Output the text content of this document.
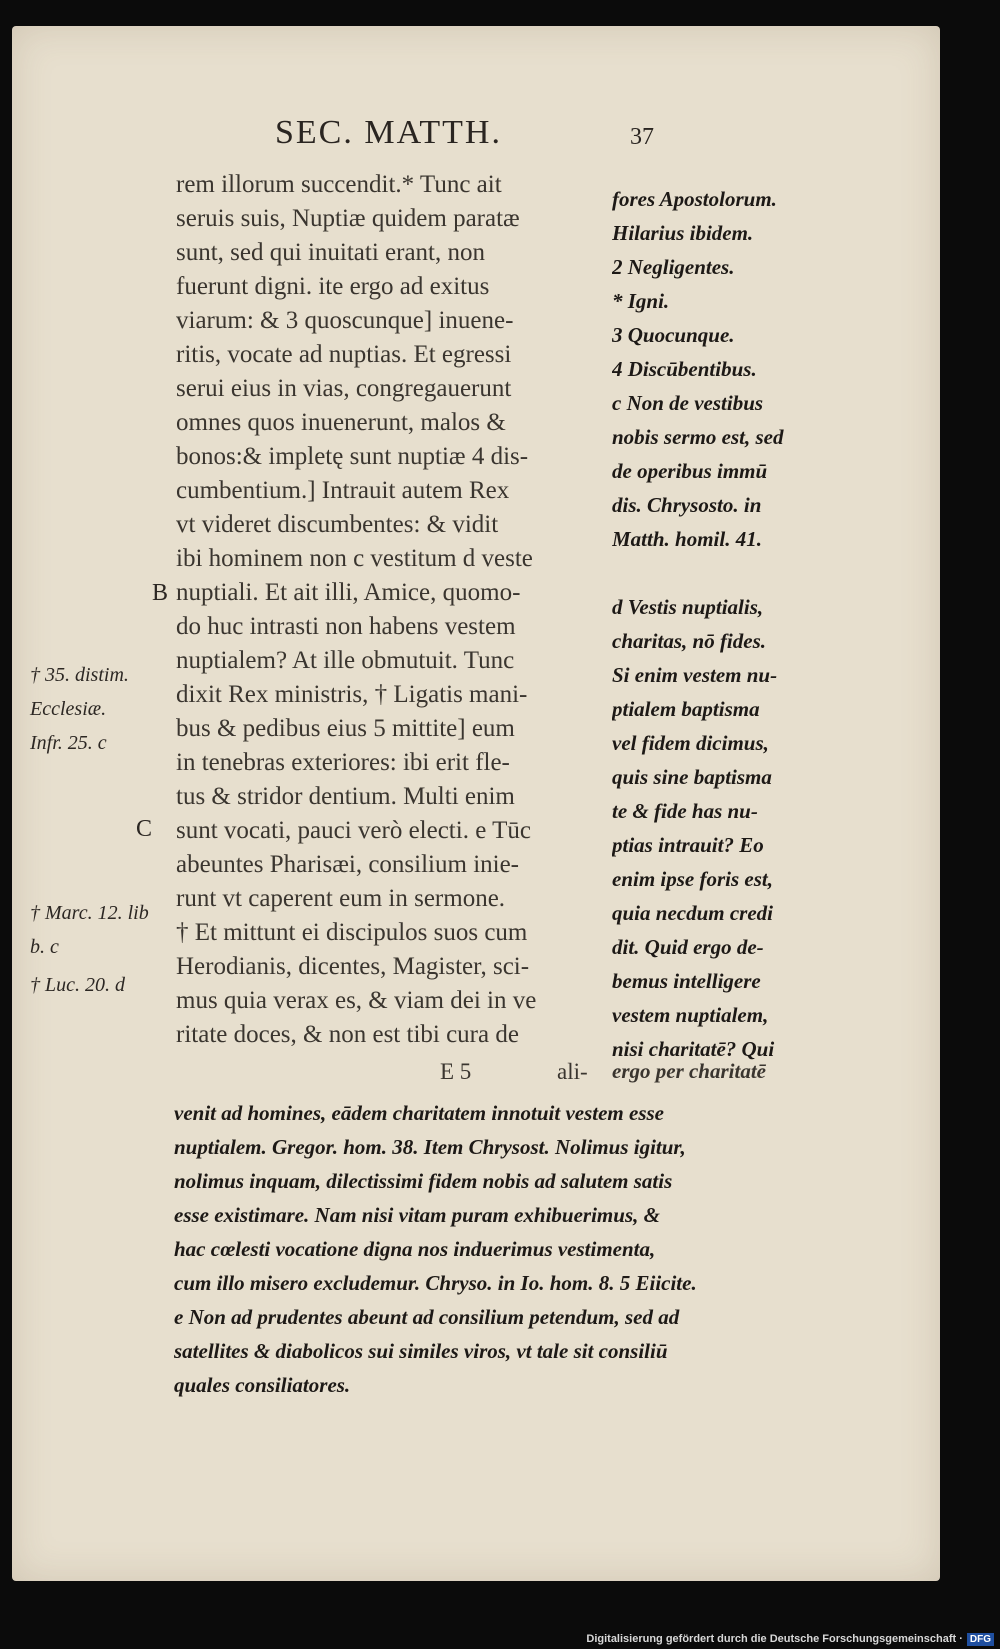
SEC. MATTH.	37
rem illorum succendit.* Tunc ait
seruis suis, Nuptiæ quidem paratæ
sunt, sed qui inuitati erant, non
fuerunt digni. ite ergo ad exitus
viarum: & 3 quoscunque] inuene-
ritis, vocate ad nuptias. Et egressi
serui eius in vias, congregauerunt
omnes quos inuenerunt, malos &
bonos:& impletę sunt nuptiæ 4 dis-
cumbentium.] Intrauit autem Rex
vt videret discumbentes: & vidit
ibi hominem non c vestitum d veste
nuptiali. Et ait illi, Amice, quomo-
do huc intrasti non habens vestem
nuptialem? At ille obmutuit. Tunc
dixit Rex ministris, † Ligatis mani-
bus & pedibus eius 5 mittite] eum
in tenebras exteriores: ibi erit fle-
tus & stridor dentium. Multi enim
sunt vocati, pauci verò electi. e Tūc
abeuntes Pharisæi, consilium inie-
runt vt caperent eum in sermone.
† Et mittunt ei discipulos suos cum
Herodianis, dicentes, Magister, sci-
mus quia verax es, & viam dei in ve
ritate doces, & non est tibi cura de
fores Apostolorum.
Hilarius ibidem.
2 Negligentes.
* Igni.
3 Quocunque.
4 Discūbentibus.
c Non de vestibus
nobis sermo est, sed
de operibus immū
dis. Chrysosto. in
Matth. homil. 41.
d Vestis nuptialis,
charitas, nō fides.
Si enim vestem nu-
ptialem baptisma
vel fidem dicimus,
quis sine baptisma
te & fide has nu-
ptias intrauit? Eo
enim ipse foris est,
quia necdum credi
dit. Quid ergo de-
bemus intelligere
vestem nuptialem,
nisi charitatē? Qui
† 35. distim.
Ecclesiæ.
Infr. 25. c
† Marc. 12. lib
b. c
† Luc. 20. d
B
C
E 5	ali- ergo per charitatē
venit ad homines, eādem charitatem innotuit vestem esse
nuptialem. Gregor. hom. 38. Item Chrysost. Nolimus igitur,
nolimus inquam, dilectissimi fidem nobis ad salutem satis
esse existimare. Nam nisi vitam puram exhibuerimus, &
hac cœlesti vocatione digna nos induerimus vestimenta,
cum illo misero excludemur. Chryso. in Io. hom. 8. 5 Eiicite.
e Non ad prudentes abeunt ad consilium petendum, sed ad
satellites & diabolicos sui similes viros, vt tale sit consiliū
quales consiliatores.
Digitalisierung gefördert durch die Deutsche Forschungsgemeinschaft · DFG
